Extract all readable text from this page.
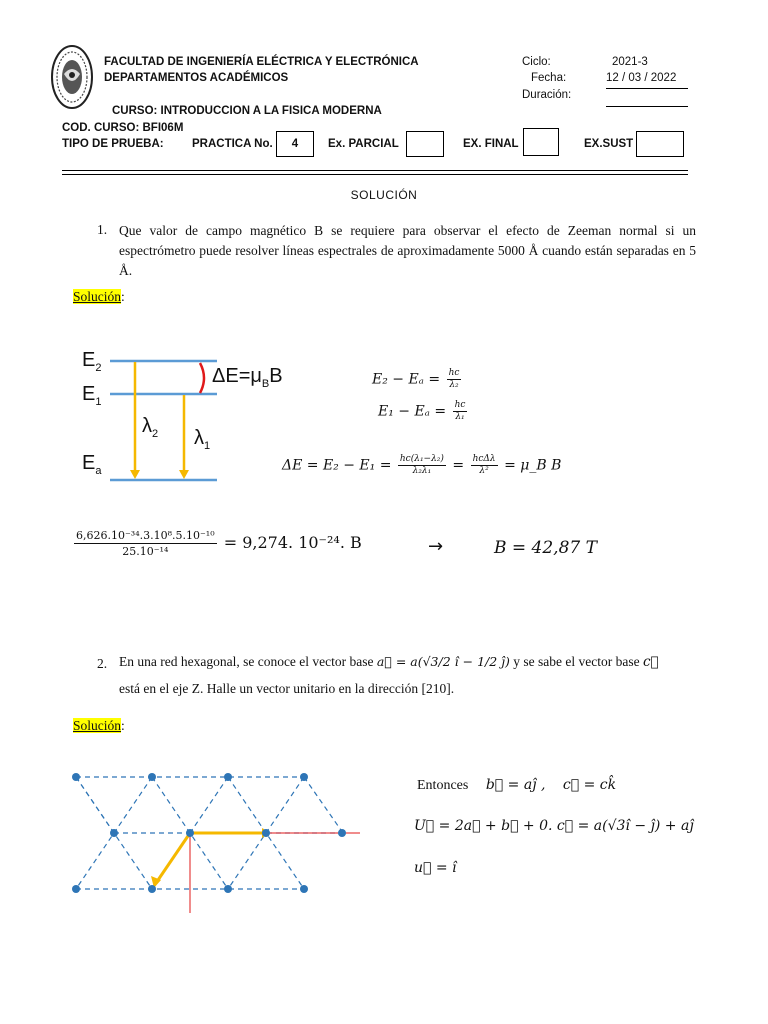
FACULTAD DE INGENIERÍA ELÉCTRICA Y ELECTRÓNICA
DEPARTAMENTOS ACADÉMICOS
CURSO: INTRODUCCION A LA FISICA MODERNA
COD. CURSO: BFI06M
TIPO DE PRUEBA: PRACTICA No.	4	Ex. PARCIAL	EX. FINAL	EX.SUST
Ciclo:	2021-3
Fecha:	12 / 03 / 2022
Duración:
SOLUCIÓN
1. Que valor de campo magnético B se requiere para observar el efecto de Zeeman normal si un espectrómetro puede resolver líneas espectrales de aproximadamente 5000 Å cuando están separadas en 5 Å.
Solución:
$E_2$
$E_1$
$E_a$
$\lambda_2$ $\lambda_1$
$\Delta E=\mu_BB$	$E_2 - E_a = \frac{hc}{\text{λ₂}}$
$E_1 - E_a = \frac{hc}{\text{λ₁}}$
$\Delta E = E_2 - E_1 = \frac{\text{hc(λ₁−λ₂)}}{\text{λ₂λ₁}} = \frac{\text{hcΔλ}}{\text{λ²}}$ = μ_B B
$\frac{\text{6,626.10⁻³⁴.3.10⁸.5.10⁻¹⁰}}{\text{25.10⁻¹⁴}} = 9,274$. 10⁻²⁴. B	→	B = 42,87 T
2. En una red hexagonal, se conoce el vector base a⃗ = a(√3/2 î − 1/2 ĵ) y se sabe el vector base c⃗
está en el eje Z. Halle un vector unitario en la dirección [210].
Solución:
Entonces b⃗ = aĵ , c⃗ = ck̂
U⃗ = 2a⃗ + b⃗ + 0. c⃗ = a(√3î − ĵ) + aĵ
u⃗ = î
